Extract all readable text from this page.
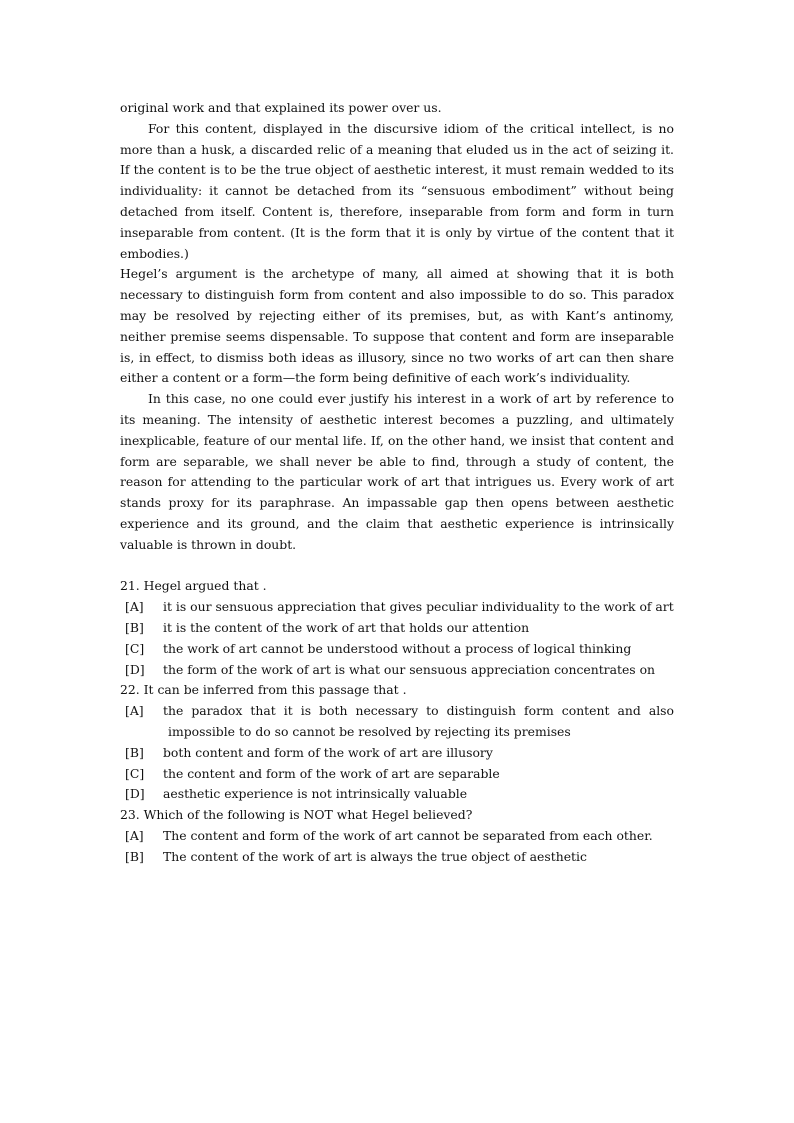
original work and that explained its power over us.

For this content, displayed in the discursive idiom of the critical intellect, is no more than a husk, a discarded relic of a meaning that eluded us in the act of seizing it. If the content is to be the true object of aesthetic interest, it must remain wedded to its individuality: it cannot be detached from its “sensuous embodiment” without being detached from itself. Content is, therefore, inseparable from form and form in turn inseparable from content. (It is the form that it is only by virtue of the content that it embodies.)

Hegel’s argument is the archetype of many, all aimed at showing that it is both necessary to distinguish form from content and also impossible to do so. This paradox may be resolved by rejecting either of its premises, but, as with Kant’s antinomy, neither premise seems dispensable. To suppose that content and form are inseparable is, in effect, to dismiss both ideas as illusory, since no two works of art can then share either a content or a form—the form being definitive of each work’s individuality.

In this case, no one could ever justify his interest in a work of art by reference to its meaning. The intensity of aesthetic interest becomes a puzzling, and ultimately inexplicable, feature of our mental life. If, on the other hand, we insist that content and form are separable, we shall never be able to find, through a study of content, the reason for attending to the particular work of art that intrigues us. Every work of art stands proxy for its paraphrase. An impassable gap then opens between aesthetic experience and its ground, and the claim that aesthetic experience is intrinsically valuable is thrown in doubt.

21. Hegel argued that .

[A] it is our sensuous appreciation that gives peculiar individuality to the work of art

[B] it is the content of the work of art that holds our attention

[C] the work of art cannot be understood without a process of logical thinking

[D] the form of the work of art is what our sensuous appreciation concentrates on

22. It can be inferred from this passage that .

[A] the paradox that it is both necessary to distinguish form content and also impossible to do so cannot be resolved by rejecting its premises

[B] both content and form of the work of art are illusory

[C] the content and form of the work of art are separable

[D] aesthetic experience is not intrinsically valuable

23. Which of the following is NOT what Hegel believed?

[A] The content and form of the work of art cannot be separated from each other.

[B] The content of the work of art is always the true object of aesthetic
